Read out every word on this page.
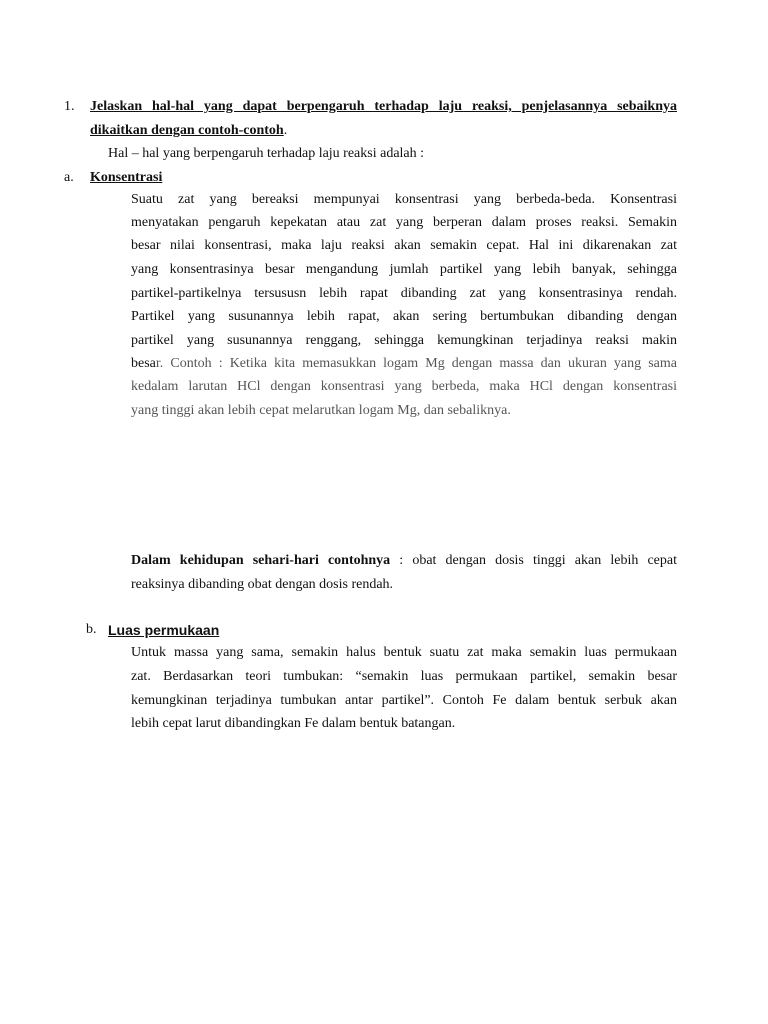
1. Jelaskan hal-hal yang dapat berpengaruh terhadap laju reaksi, penjelasannya sebaiknya
dikaitkan dengan contoh-contoh.
Hal – hal yang berpengaruh terhadap laju reaksi adalah :
a. Konsentrasi
Suatu zat yang bereaksi mempunyai konsentrasi yang berbeda-beda. Konsentrasi
menyatakan pengaruh kepekatan atau zat yang berperan dalam proses reaksi. Semakin
besar nilai konsentrasi, maka laju reaksi akan semakin cepat. Hal ini dikarenakan zat
yang konsentrasinya besar mengandung jumlah partikel yang lebih banyak, sehingga
partikel-partikelnya tersususn lebih rapat dibanding zat yang konsentrasinya rendah.
Partikel yang susunannya lebih rapat, akan sering bertumbukan dibanding dengan
partikel yang susunannya renggang, sehingga kemungkinan terjadinya reaksi makin
besar. Contoh : Ketika kita memasukkan logam Mg dengan massa dan ukuran yang sama
kedalam larutan HCl dengan konsentrasi yang berbeda, maka HCl dengan konsentrasi
yang tinggi akan lebih cepat melarutkan logam Mg, dan sebaliknya.
Dalam kehidupan sehari-hari contohnya : obat dengan dosis tinggi akan lebih cepat
reaksinya dibanding obat dengan dosis rendah.
b. Luas permukaan
Untuk massa yang sama, semakin halus bentuk suatu zat maka semakin luas permukaan
zat. Berdasarkan teori tumbukan: “semakin luas permukaan partikel, semakin besar
kemungkinan terjadinya tumbukan antar partikel”. Contoh Fe dalam bentuk serbuk akan
lebih cepat larut dibandingkan Fe dalam bentuk batangan.
